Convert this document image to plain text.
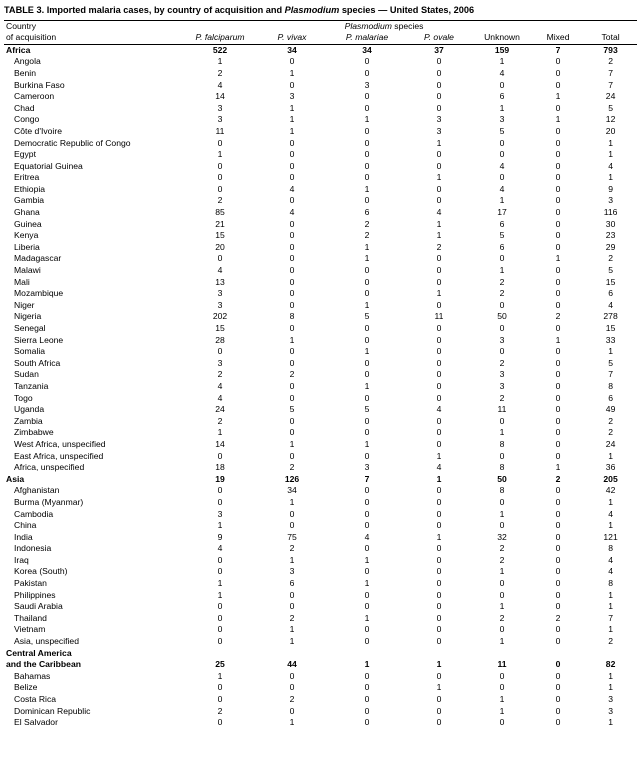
TABLE 3. Imported malaria cases, by country of acquisition and Plasmodium species — United States, 2006
Country	Plasmodium species						
of acquisition	P. falciparum	P. vivax	P. malariae	P. ovale	Unknown	Mixed	Total
Africa	522	34	34	37	159	7	793
Angola	1	0	0	0	1	0	2
Benin	2	1	0	0	4	0	7
Burkina Faso	4	0	3	0	0	0	7
Cameroon	14	3	0	0	6	1	24
Chad	3	1	0	0	1	0	5
Congo	3	1	1	3	3	1	12
Côte d'Ivoire	11	1	0	3	5	0	20
Democratic Republic of Congo	0	0	0	1	0	0	1
Egypt	1	0	0	0	0	0	1
Equatorial Guinea	0	0	0	0	4	0	4
Eritrea	0	0	0	1	0	0	1
Ethiopia	0	4	1	0	4	0	9
Gambia	2	0	0	0	1	0	3
Ghana	85	4	6	4	17	0	116
Guinea	21	0	2	1	6	0	30
Kenya	15	0	2	1	5	0	23
Liberia	20	0	1	2	6	0	29
Madagascar	0	0	1	0	0	1	2
Malawi	4	0	0	0	1	0	5
Mali	13	0	0	0	2	0	15
Mozambique	3	0	0	1	2	0	6
Niger	3	0	1	0	0	0	4
Nigeria	202	8	5	11	50	2	278
Senegal	15	0	0	0	0	0	15
Sierra Leone	28	1	0	0	3	1	33
Somalia	0	0	1	0	0	0	1
South Africa	3	0	0	0	2	0	5
Sudan	2	2	0	0	3	0	7
Tanzania	4	0	1	0	3	0	8
Togo	4	0	0	0	2	0	6
Uganda	24	5	5	4	11	0	49
Zambia	2	0	0	0	0	0	2
Zimbabwe	1	0	0	0	1	0	2
West Africa, unspecified	14	1	1	0	8	0	24
East Africa, unspecified	0	0	0	1	0	0	1
Africa, unspecified	18	2	3	4	8	1	36
Asia	19	126	7	1	50	2	205
Afghanistan	0	34	0	0	8	0	42
Burma (Myanmar)	0	1	0	0	0	0	1
Cambodia	3	0	0	0	1	0	4
China	1	0	0	0	0	0	1
India	9	75	4	1	32	0	121
Indonesia	4	2	0	0	2	0	8
Iraq	0	1	1	0	2	0	4
Korea (South)	0	3	0	0	1	0	4
Pakistan	1	6	1	0	0	0	8
Philippines	1	0	0	0	0	0	1
Saudi Arabia	0	0	0	0	1	0	1
Thailand	0	2	1	0	2	2	7
Vietnam	0	1	0	0	0	0	1
Asia, unspecified	0	1	0	0	1	0	2

Central America
and the Caribbean	25	44	1	1	11	0	82
Bahamas	1	0	0	0	0	0	1
Belize	0	0	0	1	0	0	1
Costa Rica	0	2	0	0	1	0	3
Dominican Republic	2	0	0	0	1	0	3
El Salvador	0	1	0	0	0	0	1
